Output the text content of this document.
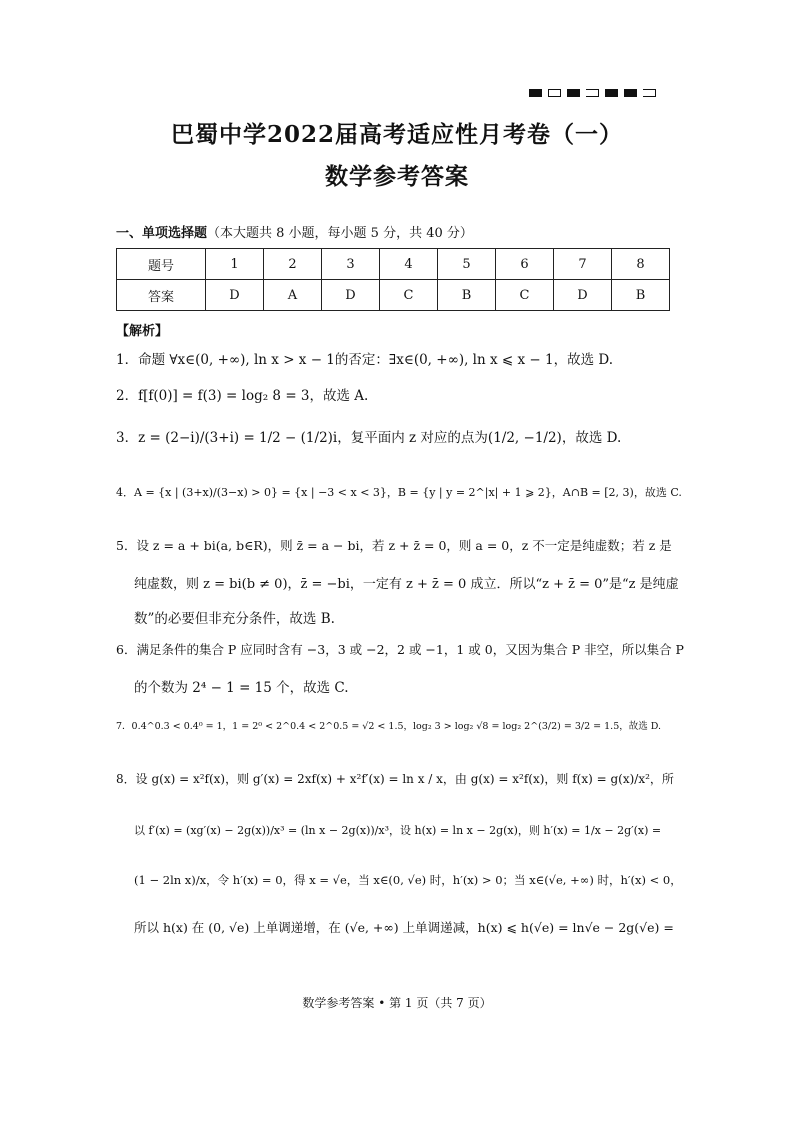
巴蜀中学2022届高考适应性月考卷（一）
数学参考答案
一、单项选择题（本大题共 8 小题，每小题 5 分，共 40 分）
题号	1	2	3	4	5	6	7	8
答案	D	A	D	C	B	C	D	B
【解析】
1．命题 ∀x∈(0, +∞), ln x > x − 1的否定：∃x∈(0, +∞), ln x ⩽ x − 1，故选 D.
2．f[f(0)] = f(3) = log₂ 8 = 3，故选 A.
3．z = (2−i)/(3+i) = 1/2 − (1/2)i，复平面内 z 对应的点为(1/2, −1/2)，故选 D.
4．A = {x | (3+x)/(3−x) > 0} = {x | −3 < x < 3}，B = {y | y = 2^|x| + 1 ⩾ 2}，A∩B = [2, 3)，故选 C.
5．设 z = a + bi(a, b∈R)，则 z̄ = a − bi，若 z + z̄ = 0，则 a = 0，z 不一定是纯虚数；若 z 是
纯虚数，则 z = bi(b ≠ 0)，z̄ = −bi，一定有 z + z̄ = 0 成立．所以“z + z̄ = 0”是“z 是纯虚
数”的必要但非充分条件，故选 B.
6．满足条件的集合 P 应同时含有 −3，3 或 −2，2 或 −1，1 或 0，又因为集合 P 非空，所以集合 P
的个数为 2⁴ − 1 = 15 个，故选 C.
7．0.4^0.3 < 0.4⁰ = 1，1 = 2⁰ < 2^0.4 < 2^0.5 = √2 < 1.5，log₂ 3 > log₂ √8 = log₂ 2^(3/2) = 3/2 = 1.5，故选 D.
8．设 g(x) = x²f(x)，则 g′(x) = 2xf(x) + x²f′(x) = ln x / x，由 g(x) = x²f(x)，则 f(x) = g(x)/x²，所
以 f′(x) = (xg′(x) − 2g(x))/x³ = (ln x − 2g(x))/x³，设 h(x) = ln x − 2g(x)，则 h′(x) = 1/x − 2g′(x) =
(1 − 2ln x)/x，令 h′(x) = 0，得 x = √e，当 x∈(0, √e) 时，h′(x) > 0；当 x∈(√e, +∞) 时，h′(x) < 0，
所以 h(x) 在 (0, √e) 上单调递增，在 (√e, +∞) 上单调递减，h(x) ⩽ h(√e) = ln√e − 2g(√e) =
数学参考答案 • 第 1 页（共 7 页）
